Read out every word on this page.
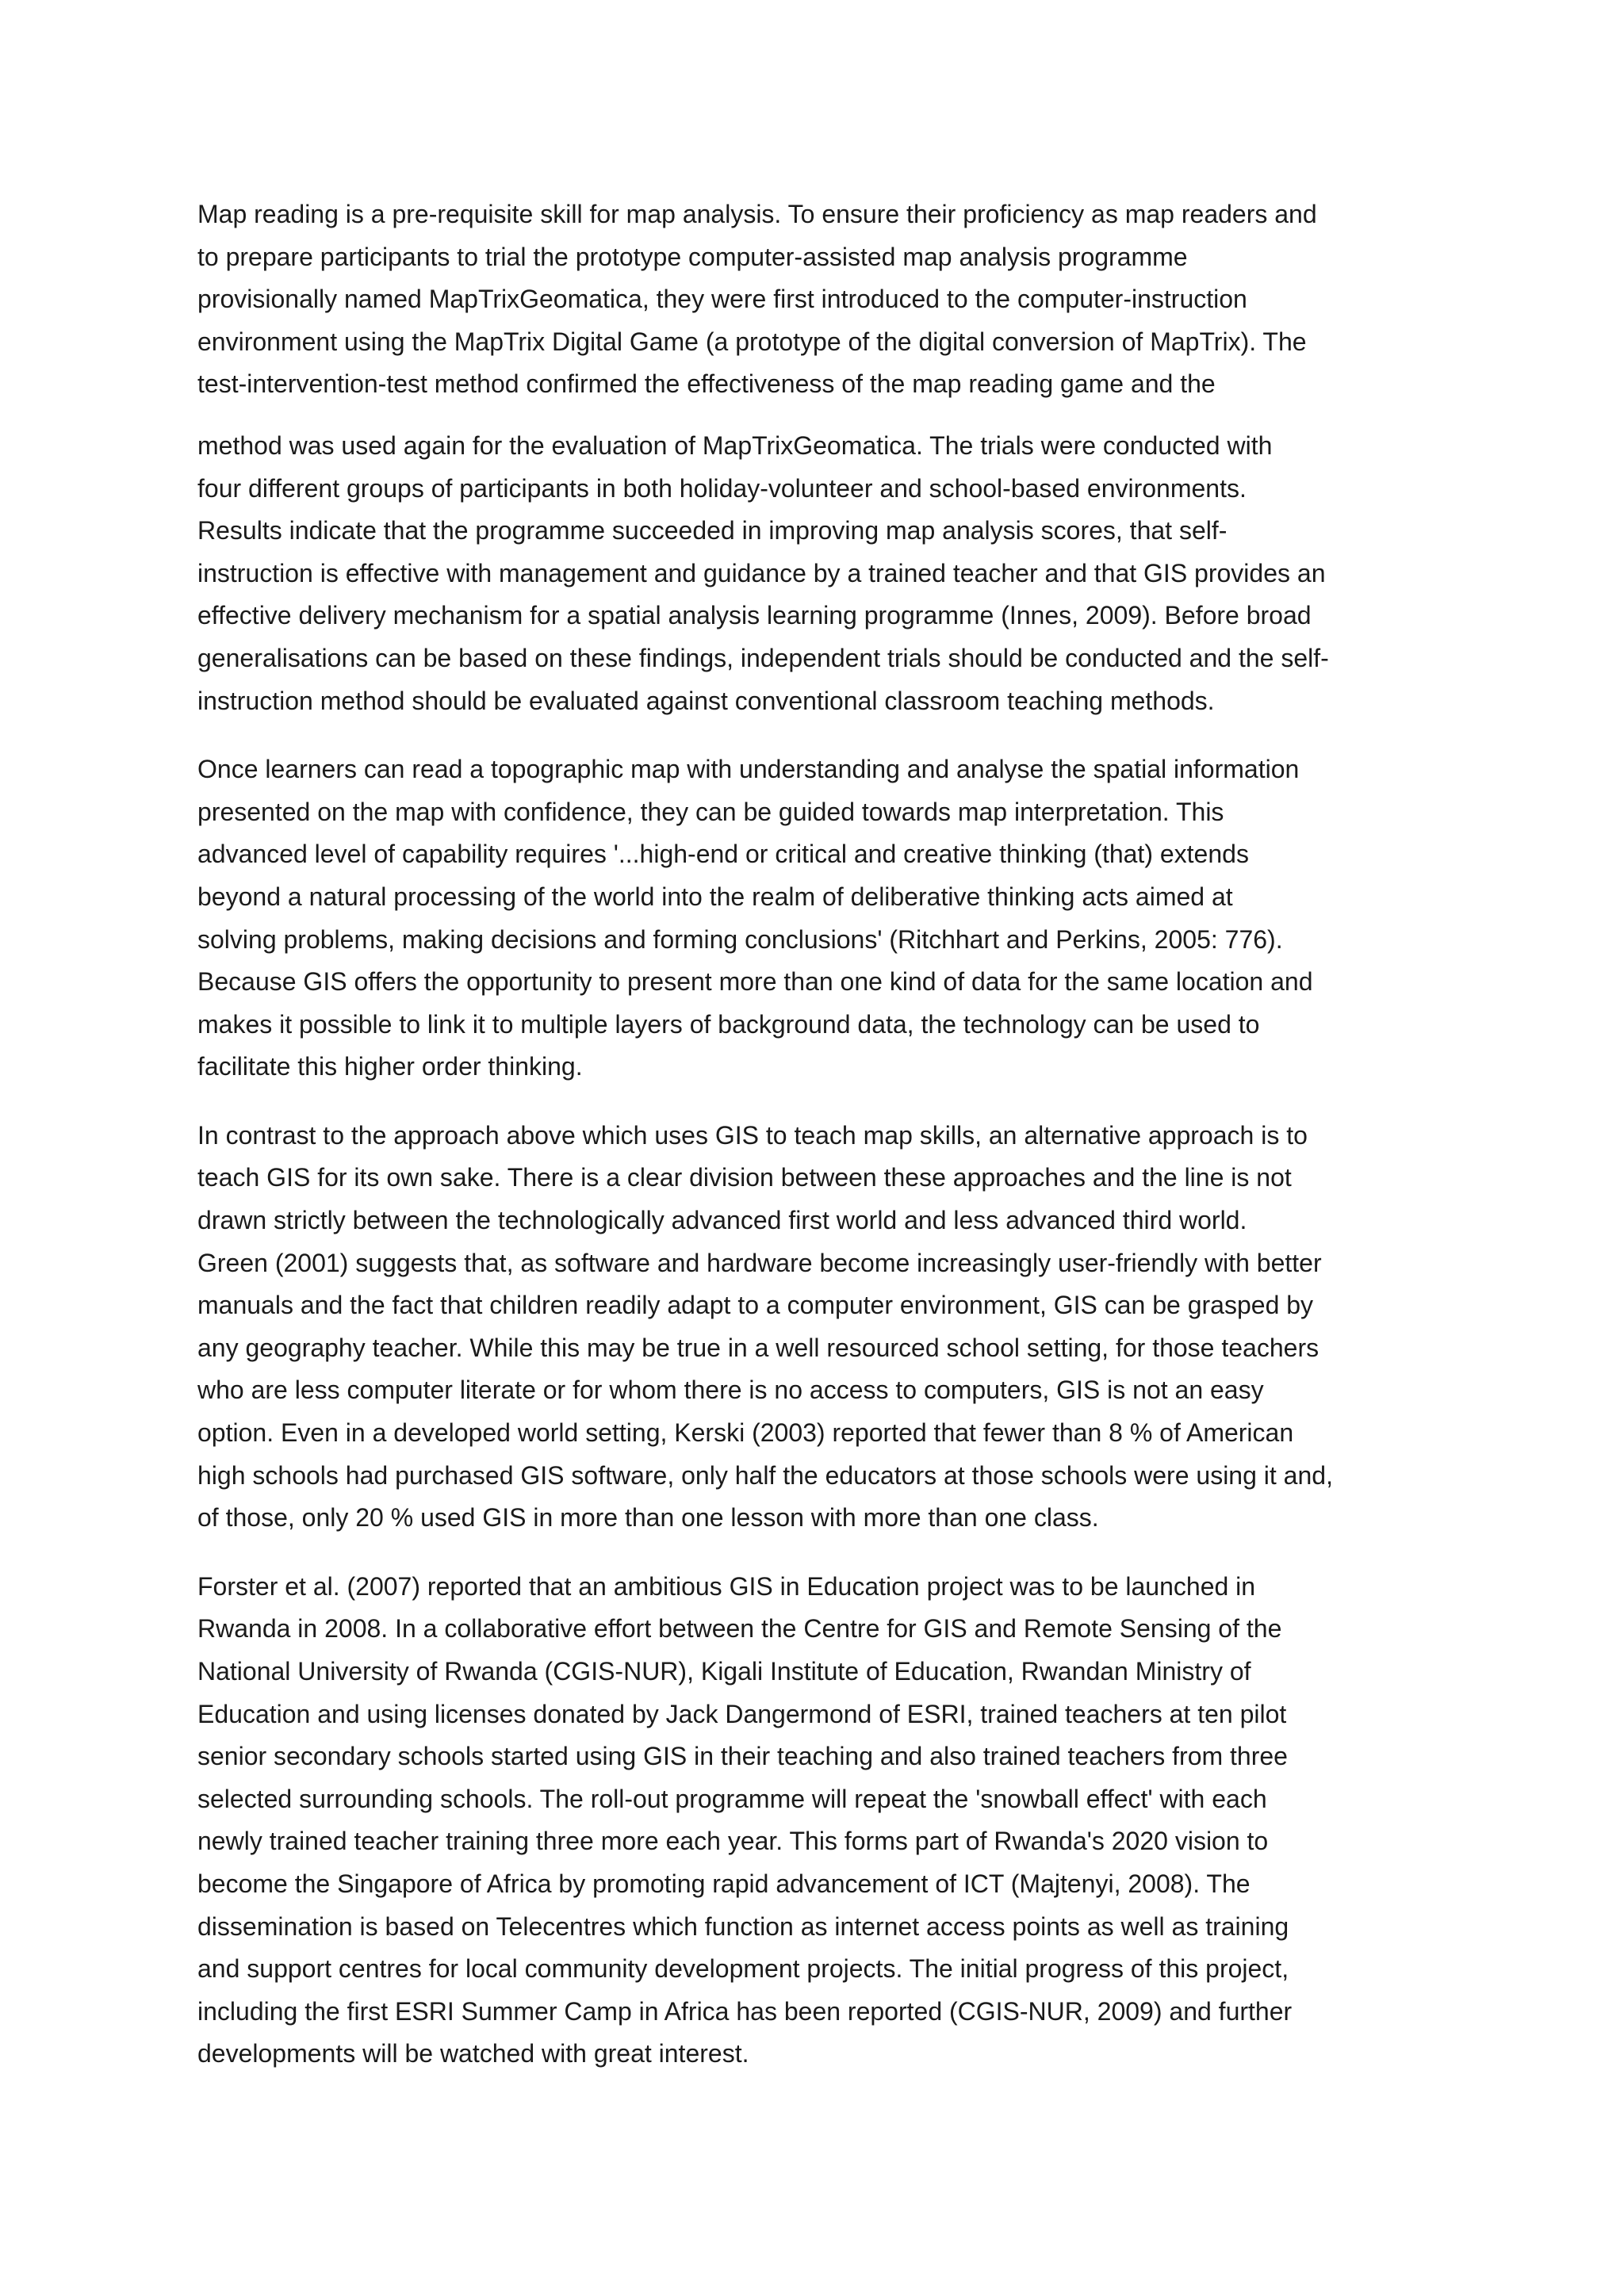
Map reading is a pre-requisite skill for map analysis. To ensure their proficiency as map readers and
to prepare participants to trial the prototype computer-assisted map analysis programme
provisionally named MapTrixGeomatica, they were first introduced to the computer-instruction
environment using the MapTrix Digital Game (a prototype of the digital conversion of MapTrix). The
test-intervention-test method confirmed the effectiveness of the map reading game and the
method was used again for the evaluation of MapTrixGeomatica. The trials were conducted with
four different groups of participants in both holiday-volunteer and school-based environments.
Results indicate that the programme succeeded in improving map analysis scores, that self-
instruction is effective with management and guidance by a trained teacher and that GIS provides an
effective delivery mechanism for a spatial analysis learning programme (Innes, 2009). Before broad
generalisations can be based on these findings, independent trials should be conducted and the self-
instruction method should be evaluated against conventional classroom teaching methods.
Once learners can read a topographic map with understanding and analyse the spatial information
presented on the map with confidence, they can be guided towards map interpretation. This
advanced level of capability requires '...high-end or critical and creative thinking (that) extends
beyond a natural processing of the world into the realm of deliberative thinking acts aimed at
solving problems, making decisions and forming conclusions' (Ritchhart and Perkins, 2005: 776).
Because GIS offers the opportunity to present more than one kind of data for the same location and
makes it possible to link it to multiple layers of background data, the technology can be used to
facilitate this higher order thinking.
In contrast to the approach above which uses GIS to teach map skills, an alternative approach is to
teach GIS for its own sake. There is a clear division between these approaches and the line is not
drawn strictly between the technologically advanced first world and less advanced third world.
Green (2001) suggests that, as software and hardware become increasingly user-friendly with better
manuals and the fact that children readily adapt to a computer environment, GIS can be grasped by
any geography teacher. While this may be true in a well resourced school setting, for those teachers
who are less computer literate or for whom there is no access to computers, GIS is not an easy
option. Even in a developed world setting, Kerski (2003) reported that fewer than 8 % of American
high schools had purchased GIS software, only half the educators at those schools were using it and,
of those, only 20 % used GIS in more than one lesson with more than one class.
Forster et al. (2007) reported that an ambitious GIS in Education project was to be launched in
Rwanda in 2008. In a collaborative effort between the Centre for GIS and Remote Sensing of the
National University of Rwanda (CGIS-NUR), Kigali Institute of Education, Rwandan Ministry of
Education and using licenses donated by Jack Dangermond of ESRI, trained teachers at ten pilot
senior secondary schools started using GIS in their teaching and also trained teachers from three
selected surrounding schools. The roll-out programme will repeat the 'snowball effect' with each
newly trained teacher training three more each year. This forms part of Rwanda's 2020 vision to
become the Singapore of Africa by promoting rapid advancement of ICT (Majtenyi, 2008). The
dissemination is based on Telecentres which function as internet access points as well as training
and support centres for local community development projects. The initial progress of this project,
including the first ESRI Summer Camp in Africa has been reported (CGIS-NUR, 2009) and further
developments will be watched with great interest.
